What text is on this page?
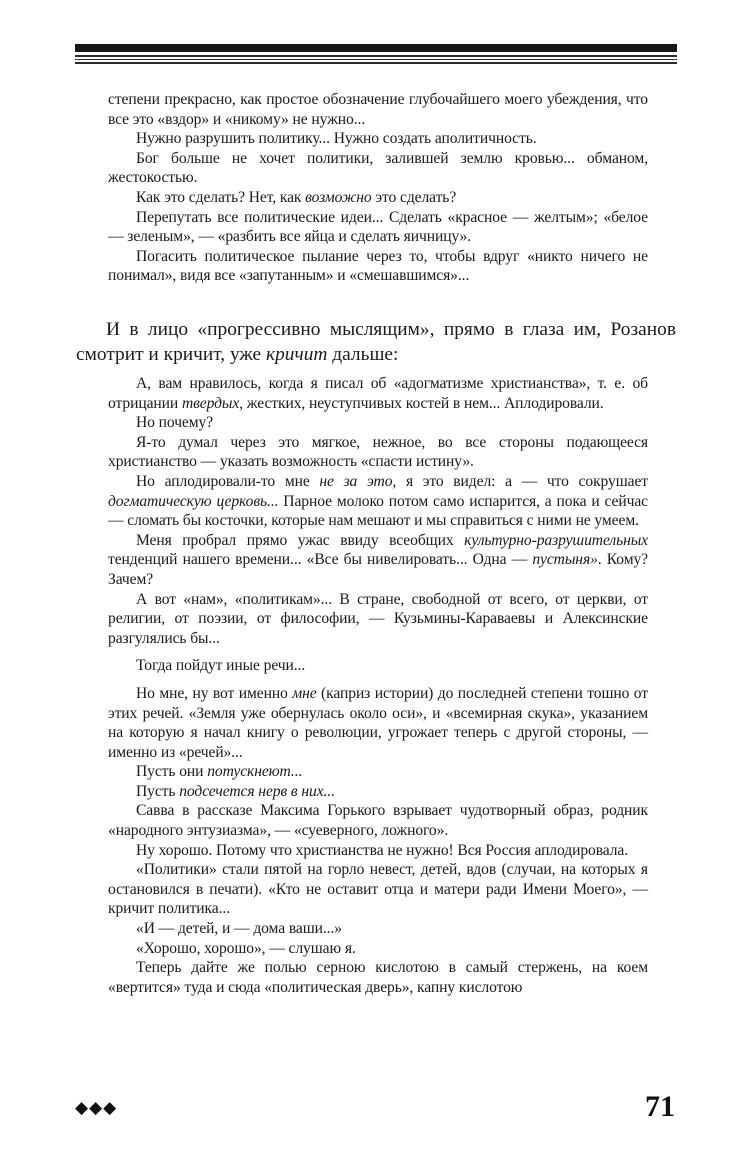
степени прекрасно, как простое обозначение глубочайшего моего убеждения, что все это «вздор» и «никому» не нужно...

Нужно разрушить политику... Нужно создать аполитичность.

Бог больше не хочет политики, залившей землю кровью... обманом, жестокостью.

Как это сделать? Нет, как возможно это сделать?

Перепутать все политические идеи... Сделать «красное — желтым»; «белое — зеленым», — «разбить все яйца и сделать яичницу».

Погасить политическое пылание через то, чтобы вдруг «никто ничего не понимал», видя все «запутанным» и «смешавшимся»...

И в лицо «прогрессивно мыслящим», прямо в глаза им, Розанов смотрит и кричит, уже кричит дальше:

А, вам нравилось, когда я писал об «адогматизме христианства», т. е. об отрицании твердых, жестких, неуступчивых костей в нем... Аплодировали.

Но почему?

Я-то думал через это мягкое, нежное, во все стороны подающееся христианство — указать возможность «спасти истину».

Но аплодировали-то мне не за это, я это видел: а — что сокрушает догматическую церковь... Парное молоко потом само испарится, а пока и сейчас — сломать бы косточки, которые нам мешают и мы справиться с ними не умеем.

Меня пробрал прямо ужас ввиду всеобщих культурно-разрушительных тенденций нашего времени... «Все бы нивелировать... Одна — пустыня». Кому? Зачем?

А вот «нам», «политикам»... В стране, свободной от всего, от церкви, от религии, от поэзии, от философии, — Кузьмины-Караваевы и Алексинские разгулялись бы...

Тогда пойдут иные речи...

Но мне, ну вот именно мне (каприз истории) до последней степени тошно от этих речей. «Земля уже обернулась около оси», и «всемирная скука», указанием на которую я начал книгу о революции, угрожает теперь с другой стороны, — именно из «речей»...

Пусть они потускнеют...

Пусть подсечется нерв в них...

Савва в рассказе Максима Горького взрывает чудотворный образ, родник «народного энтузиазма», — «суеверного, ложного».

Ну хорошо. Потому что христианства не нужно! Вся Россия аплодировала.

«Политики» стали пятой на горло невест, детей, вдов (случаи, на которых я остановился в печати). «Кто не оставит отца и матери ради Имени Моего», — кричит политика...

«И — детей, и — дома ваши...»

«Хорошо, хорошо», — слушаю я.

Теперь дайте же полью серною кислотою в самый стержень, на коем «вертится» туда и сюда «политическая дверь», капну кислотою

◆◆◆	71
